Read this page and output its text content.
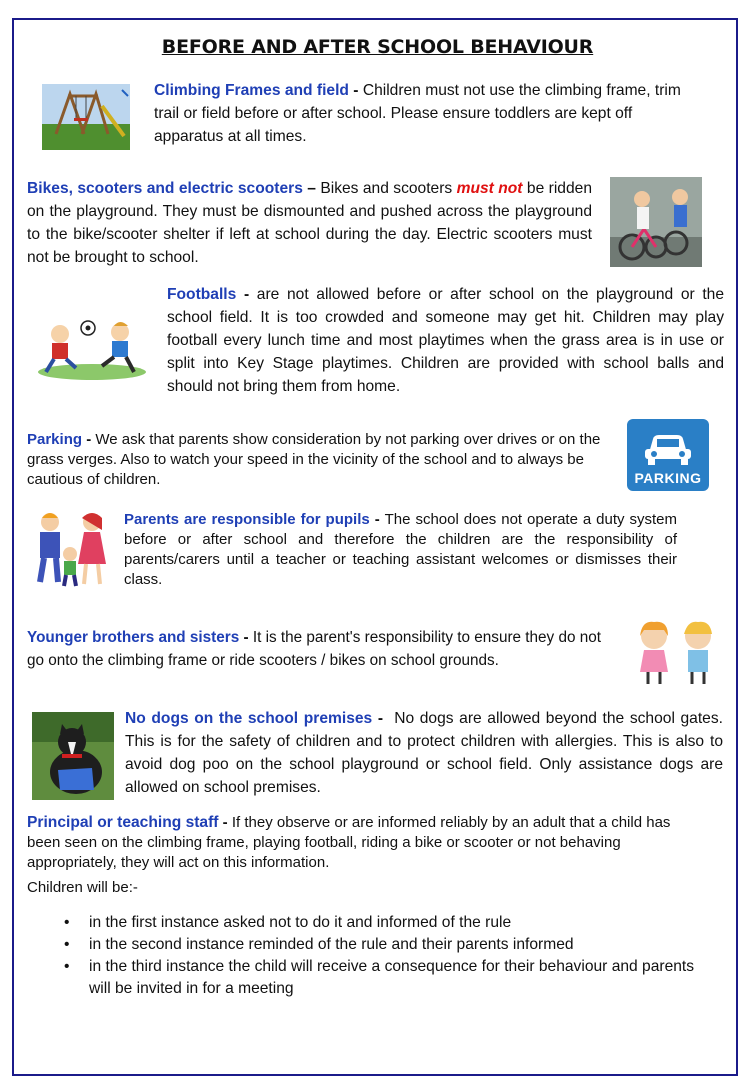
BEFORE AND AFTER SCHOOL BEHAVIOUR
Climbing Frames and field - Children must not use the climbing frame, trim trail or field before or after school. Please ensure toddlers are kept off apparatus at all times.
Bikes, scooters and electric scooters – Bikes and scooters must not be ridden on the playground. They must be dismounted and pushed across the playground to the bike/scooter shelter if left at school during the day. Electric scooters must not be brought to school.
Footballs - are not allowed before or after school on the playground or the school field. It is too crowded and someone may get hit. Children may play football every lunch time and most playtimes when the grass area is in use or split into Key Stage playtimes. Children are provided with school balls and should not bring them from home.
Parking - We ask that parents show consideration by not parking over drives or on the grass verges. Also to watch your speed in the vicinity of the school and to always be cautious of children.	PARKING
Parents are responsible for pupils - The school does not operate a duty system before or after school and therefore the children are the responsibility of parents/carers until a teacher or teaching assistant welcomes or dismisses their class.
Younger brothers and sisters - It is the parent's responsibility to ensure they do not go onto the climbing frame or ride scooters / bikes on school grounds.
No dogs on the school premises -  No dogs are allowed beyond the school gates. This is for the safety of children and to protect children with allergies. This is also to avoid dog poo on the school playground or school field. Only assistance dogs are allowed on school premises.
Principal or teaching staff - If they observe or are informed reliably by an adult that a child has been seen on the climbing frame, playing football, riding a bike or scooter or not behaving appropriately, they will act on this information.
Children will be:-
• in the first instance asked not to do it and informed of the rule
• in the second instance reminded of the rule and their parents informed
• in the third instance the child will receive a consequence for their behaviour and parents will be invited in for a meeting
